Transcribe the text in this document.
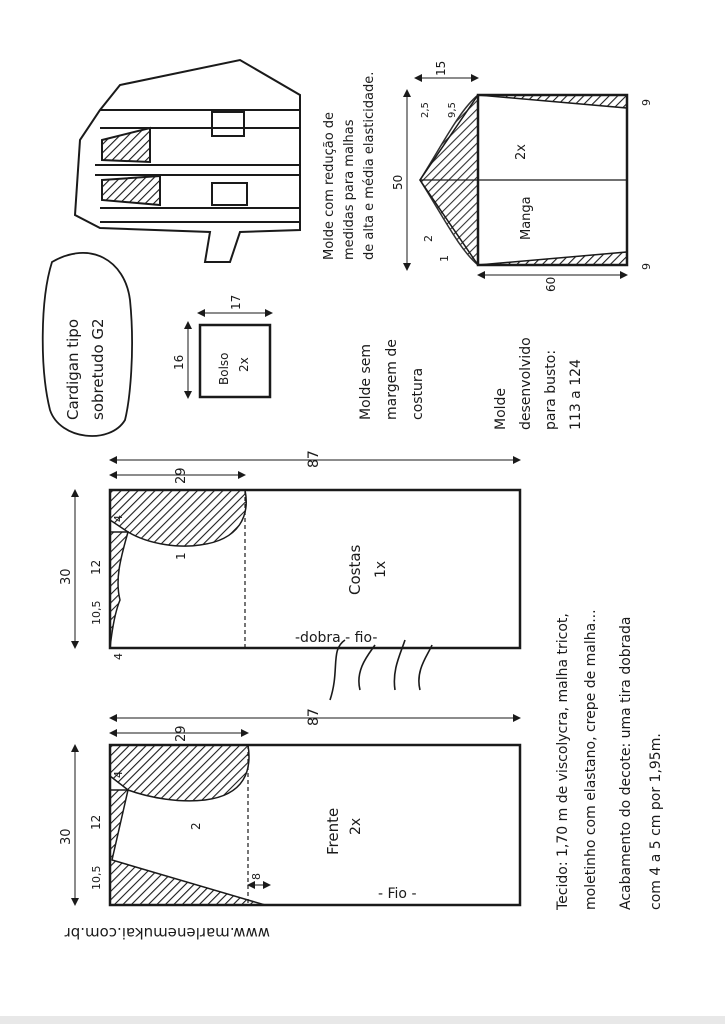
Molde com redução de medidas para malhas de alta e média elasticidade.	2x
Manga
15
50
60
2,5 9,5
2
1
9
9
Cardigan tipo sobretudo G2	16
17
Bolso 2x	Molde sem margem de costura	Molde desenvolvido para busto: 113 a 124
87
29
30
12
10,5
4
4
1	Costas 1x
-dobra - fio-
87
29
30
12
10,5
4
8
2	Frente 2x
- Fio -	Tecido: 1,70 m de viscolycra, malha tricot, moletinho com elastano, crepe de malha... Acabamento do decote: uma tira dobrada com 4 a 5 cm por 1,95m.
www.marlenemukai.com.br
